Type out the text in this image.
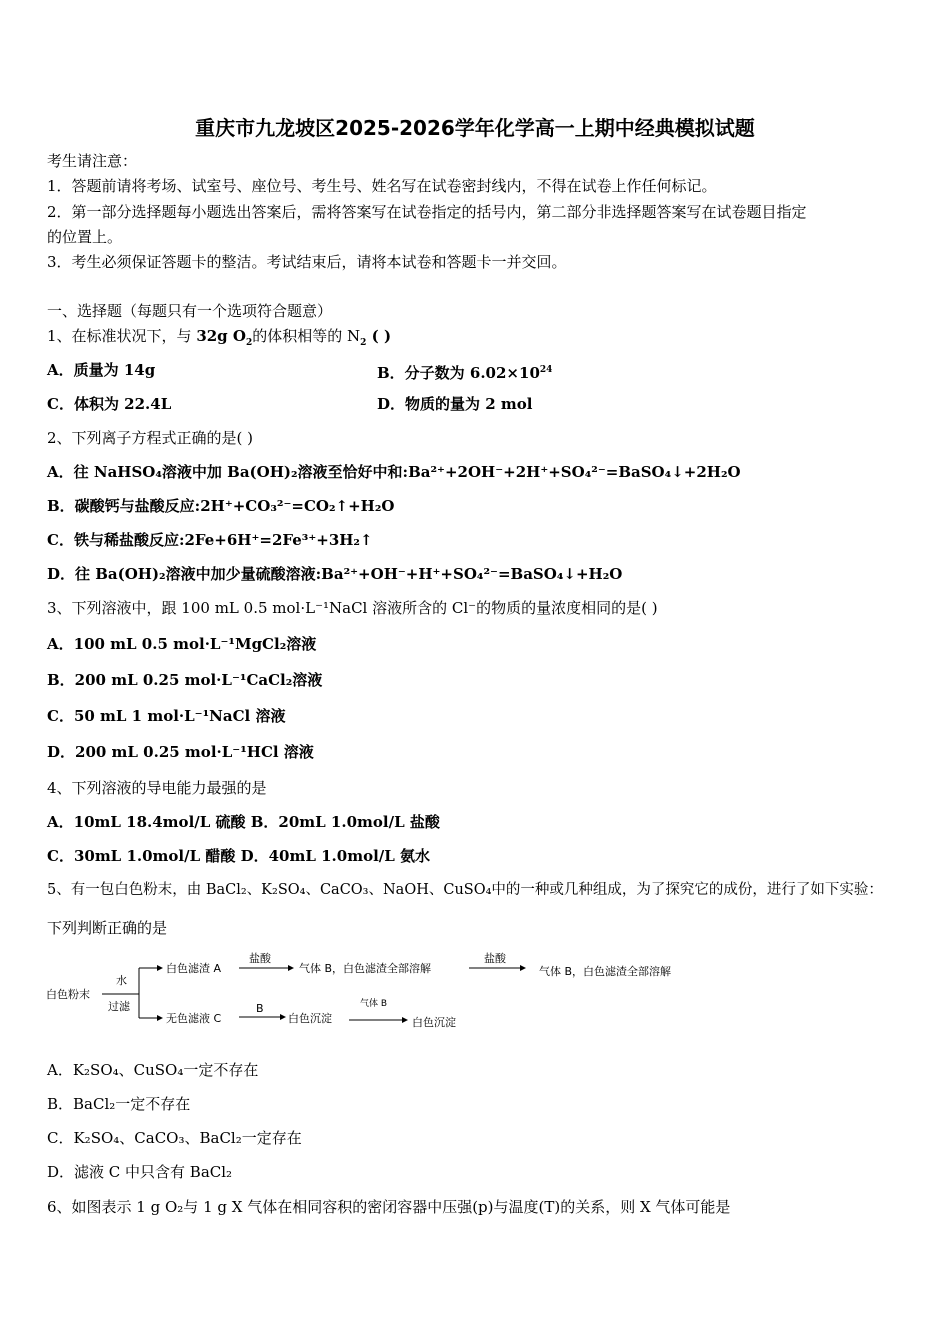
重庆市九龙坡区2025-2026学年化学高一上期中经典模拟试题
考生请注意：
1．答题前请将考场、试室号、座位号、考生号、姓名写在试卷密封线内，不得在试卷上作任何标记。
2．第一部分选择题每小题选出答案后，需将答案写在试卷指定的括号内，第二部分非选择题答案写在试卷题目指定
的位置上。
3．考生必须保证答题卡的整洁。考试结束后，请将本试卷和答题卡一并交回。
一、选择题（每题只有一个选项符合题意）
1、在标准状况下，与 32g $O_2$的体积相等的 $N_2$ ( )
A．质量为 14g	B．分子数为 $6.02\times 10^{24}$
C．体积为 22.4L	D．物质的量为 2 mol
2、下列离子方程式正确的是( )
A．往 NaHSO₄溶液中加 Ba(OH)₂溶液至恰好中和:Ba²⁺+2OH⁻+2H⁺+SO₄²⁻=BaSO₄↓+2H₂O
B．碳酸钙与盐酸反应:2H⁺+CO₃²⁻=CO₂↑+H₂O
C．铁与稀盐酸反应:2Fe+6H⁺=2Fe³⁺+3H₂↑
D．往 Ba(OH)₂溶液中加少量硫酸溶液:Ba²⁺+OH⁻+H⁺+SO₄²⁻=BaSO₄↓+H₂O
3、下列溶液中，跟 100 mL 0.5 mol·L⁻¹NaCl 溶液所含的 Cl⁻的物质的量浓度相同的是( )
A．100 mL 0.5 mol·L⁻¹MgCl₂溶液
B．200 mL 0.25 mol·L⁻¹CaCl₂溶液
C．50 mL 1 mol·L⁻¹NaCl 溶液
D．200 mL 0.25 mol·L⁻¹HCl 溶液
4、下列溶液的导电能力最强的是
A．10mL 18.4mol/L 硫酸 B．20mL 1.0mol/L 盐酸
C．30mL 1.0mol/L 醋酸 D．40mL 1.0mol/L 氨水
5、有一包白色粉末，由 BaCl₂、K₂SO₄、CaCO₃、NaOH、CuSO₄中的一种或几种组成，为了探究它的成份，进行了如下实验：
下列判断正确的是
白色粉末
水
过滤
白色滤渣 A
盐酸
气体 B，白色滤渣全部溶解
盐酸
气体 B，白色滤渣全部溶解
无色滤液 C
B
白色沉淀
气体 B
白色沉淀
A．K₂SO₄、CuSO₄一定不存在
B．BaCl₂一定不存在
C．K₂SO₄、CaCO₃、BaCl₂一定存在
D．滤液 C 中只含有 BaCl₂
6、如图表示 1 g O₂与 1 g X 气体在相同容积的密闭容器中压强(p)与温度(T)的关系，则 X 气体可能是
